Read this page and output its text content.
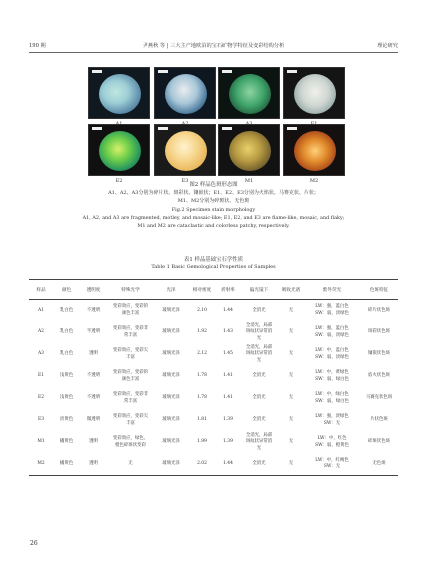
190 期	尹燕秋 等 | 三大主产地欧泊的宝石矿物学特征及变彩结构分析	理论研究
E2	E3	M1	M2
图2 样品色斑形态图
A1、A2、A3分别为碎片状、斑彩状、镶嵌状；E1、E2、E3分别为火焰状、马赛克状、片状；
M1、M2分别为碎斑状、无色斑
Fig.2 Specimen stain morphology
A1, A2, and A3 are fragmented, motley, and mosaic-like; E1, E2, and E3 are flame-like, mosaic, and flaky;
M1 and M2 are cataclastic and colorless patchy, respectively.
表1 样品基础宝石学性质
Table 1 Basic Gemological Properties of Samples
样品	颜色	透明度	特殊光学	光泽	相对密度	折射率	偏光镜下	吸收光谱	紫外荧光	色斑特征
A1	乳白色	不透明	变彩效应，变彩的颜色丰富	玻璃光泽	2.10	1.44	全消光	无	LW：强，蓝白色
SW：弱，淡绿色	碎片状色斑
A2	乳白色	半透明	变彩效应，变彩非常丰富	玻璃光泽	1.92	1.43	全消光，局部斑纹状异常消光	无	LW：强，蓝白色
SW：弱，淡绿色	斑彩状色斑
A3	乳白色	透明	变彩效应，变彩欠丰富	玻璃光泽	2.12	1.45	全消光，局部斑纹状异常消光	无	LW：中，蓝白色
SW：弱，淡绿色	镶嵌状色斑
E1	浅黄色	不透明	变彩效应，变彩的颜色丰富	玻璃光泽	1.78	1.41	全消光	无	LW：中，黄绿色
SW：弱，绿白色	焰火状色斑
E2	浅黄色	不透明	变彩效应，变彩非常丰富	玻璃光泽	1.78	1.41	全消光	无	LW：中，绿白色
SW：弱，绿白色	马赛克状色斑
E3	淡黄色	微透明	变彩效应，变彩欠丰富	玻璃光泽	1.81	1.39	全消光	无	LW：强，淡绿色
SW：无	片状色斑
M1	橘黄色	透明	变彩效应，绿色、橙色碎斑状变彩	玻璃光泽	1.99	1.39	全消光，局部斑纹状异常消光	无	LW：中，红色
SW：弱，橙黄色	碎斑状色斑
M2	橘黄色	透明	无	玻璃光泽	2.02	1.44	全消光	无	LW：中，红褐色
SW：无	无色斑
26
